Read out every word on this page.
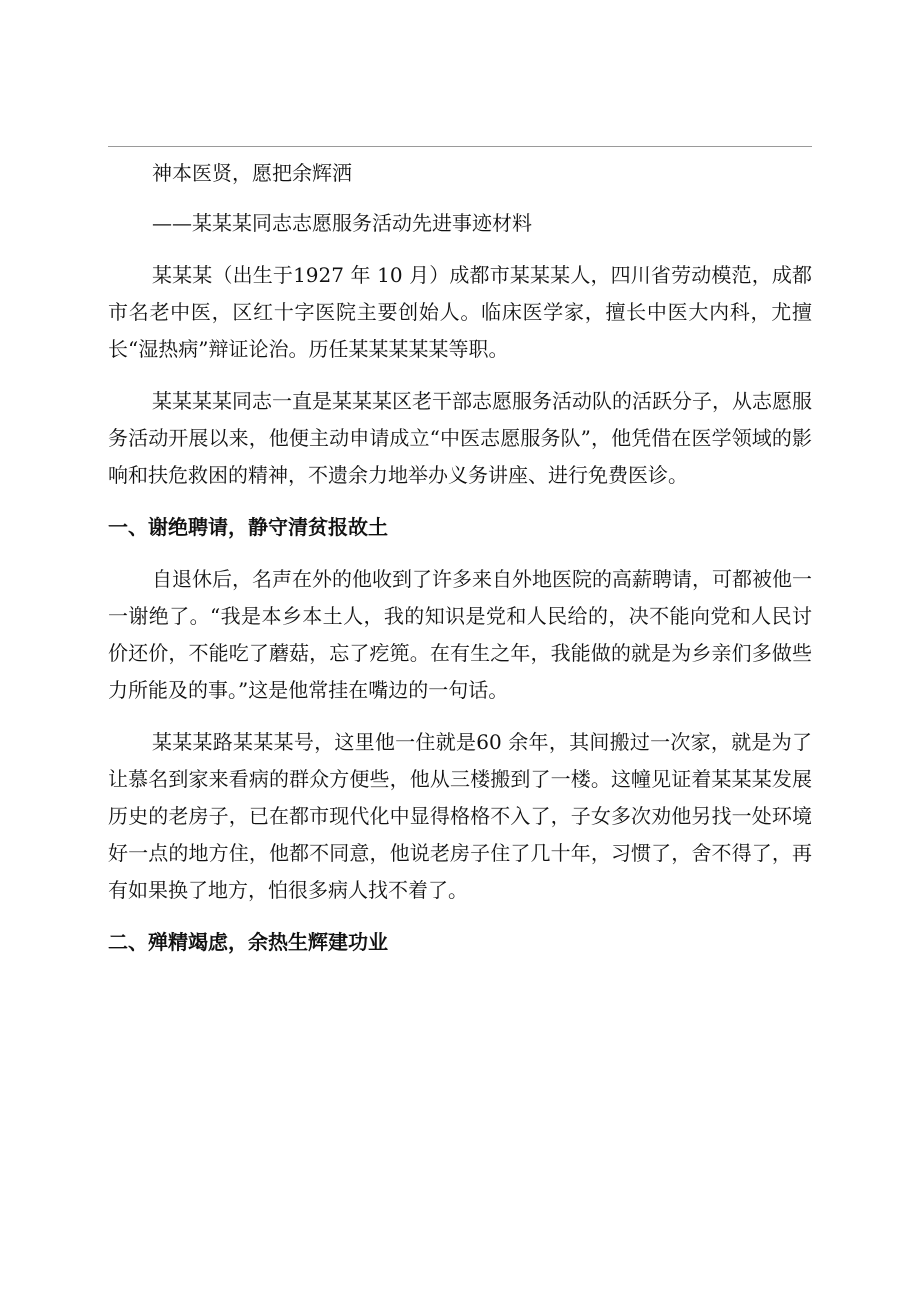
神本医贤，愿把余辉洒
——某某某同志志愿服务活动先进事迹材料

某某某（出生于1927 年 10 月）成都市某某某人，四川省劳动模范，成都市名老中医，区红十字医院主要创始人。临床医学家，擅长中医大内科，尤擅长“湿热病”辩证论治。历任某某某某某等职。

某某某某同志一直是某某某区老干部志愿服务活动队的活跃分子，从志愿服务活动开展以来，他便主动申请成立“中医志愿服务队”，他凭借在医学领域的影响和扶危救困的精神，不遗余力地举办义务讲座、进行免费医诊。

一、谢绝聘请，静守清贫报故土

自退休后，名声在外的他收到了许多来自外地医院的高薪聘请，可都被他一一谢绝了。“我是本乡本土人，我的知识是党和人民给的，决不能向党和人民讨价还价，不能吃了蘑菇，忘了疙篼。在有生之年，我能做的就是为乡亲们多做些力所能及的事。”这是他常挂在嘴边的一句话。

某某某路某某某号，这里他一住就是60 余年，其间搬过一次家，就是为了让慕名到家来看病的群众方便些，他从三楼搬到了一楼。这幢见证着某某某发展历史的老房子，已在都市现代化中显得格格不入了，子女多次劝他另找一处环境好一点的地方住，他都不同意，他说老房子住了几十年，习惯了，舍不得了，再有如果换了地方，怕很多病人找不着了。

二、殚精竭虑，余热生辉建功业
